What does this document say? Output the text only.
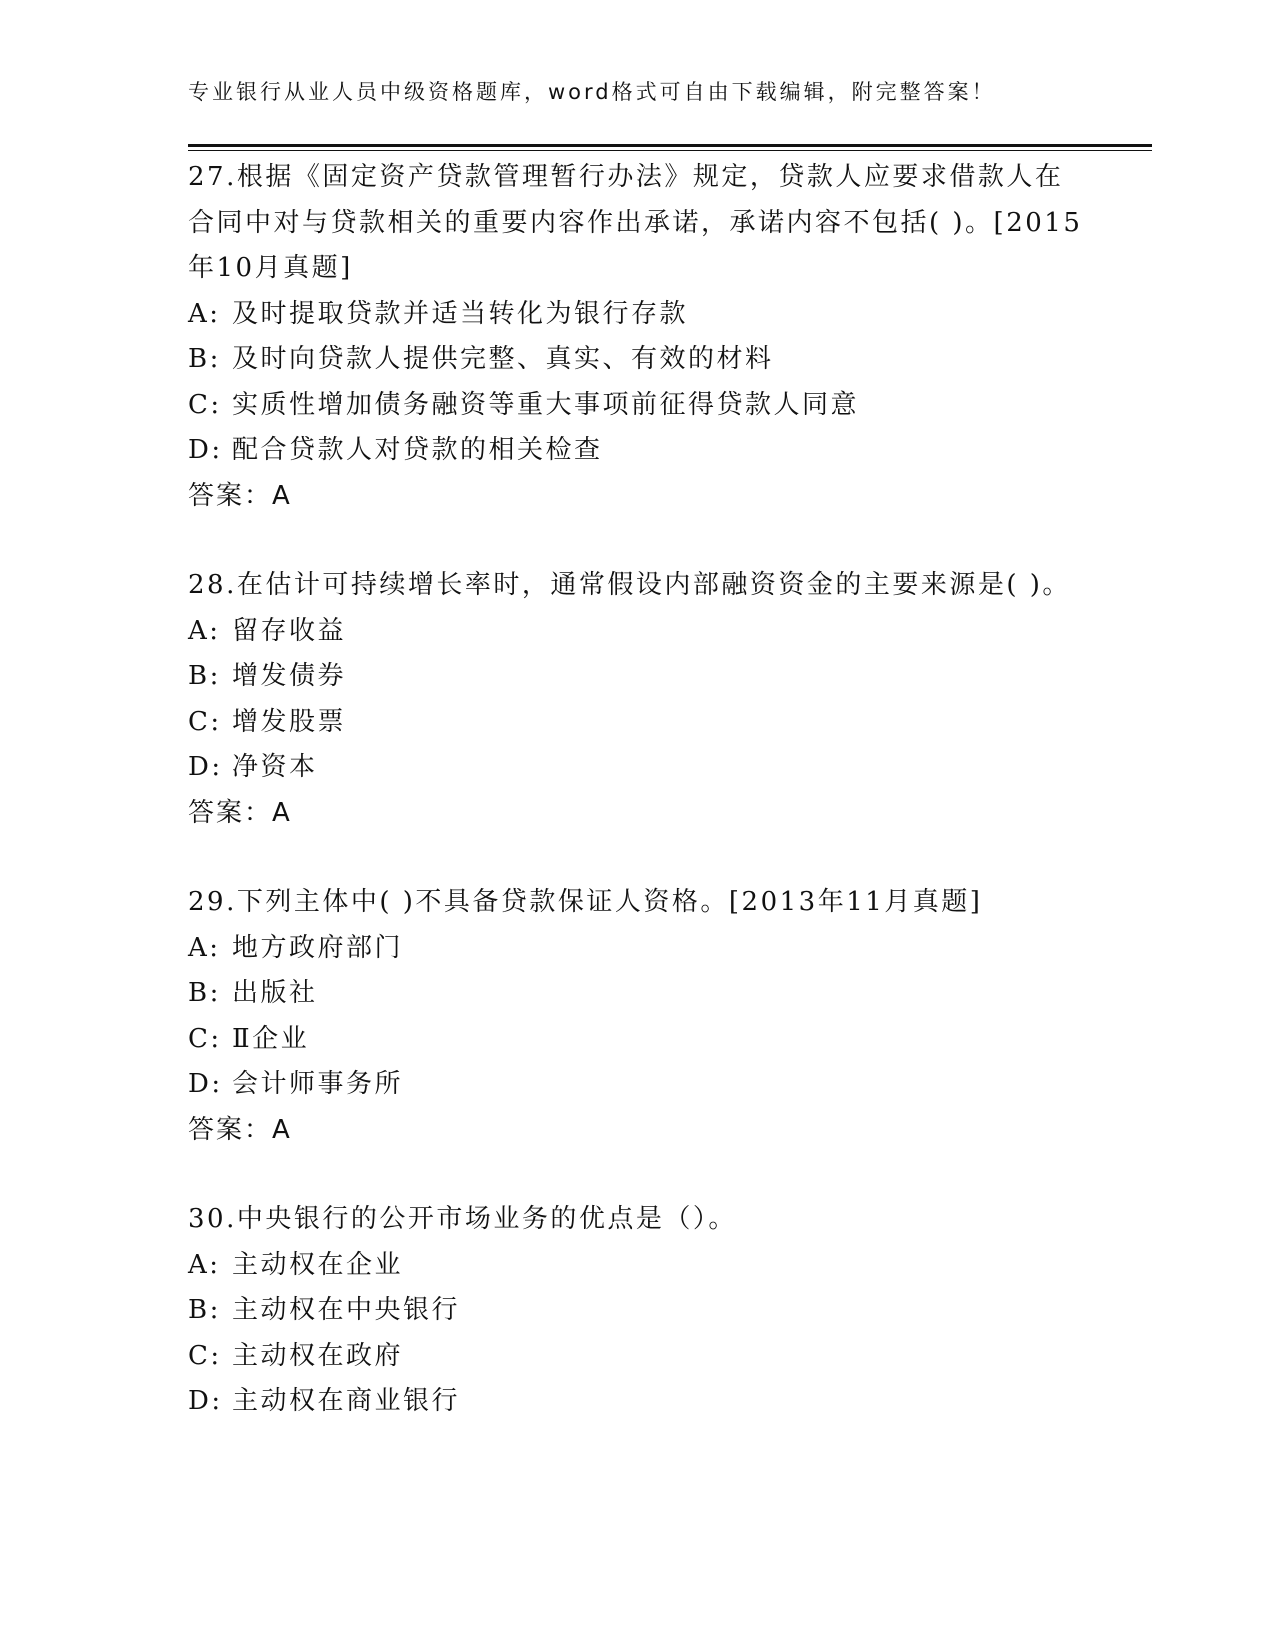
专业银行从业人员中级资格题库，word格式可自由下载编辑，附完整答案！
27.根据《固定资产贷款管理暂行办法》规定，贷款人应要求借款人在合同中对与贷款相关的重要内容作出承诺，承诺内容不包括( )。[2015年10月真题]
A: 及时提取贷款并适当转化为银行存款
B: 及时向贷款人提供完整、真实、有效的材料
C: 实质性增加债务融资等重大事项前征得贷款人同意
D: 配合贷款人对贷款的相关检查
答案：A
28.在估计可持续增长率时，通常假设内部融资资金的主要来源是( )。
A: 留存收益
B: 增发债券
C: 增发股票
D: 净资本
答案：A
29.下列主体中( )不具备贷款保证人资格。[2013年11月真题]
A: 地方政府部门
B: 出版社
C: Ⅱ企业
D: 会计师事务所
答案：A
30.中央银行的公开市场业务的优点是（）。
A: 主动权在企业
B: 主动权在中央银行
C: 主动权在政府
D: 主动权在商业银行
